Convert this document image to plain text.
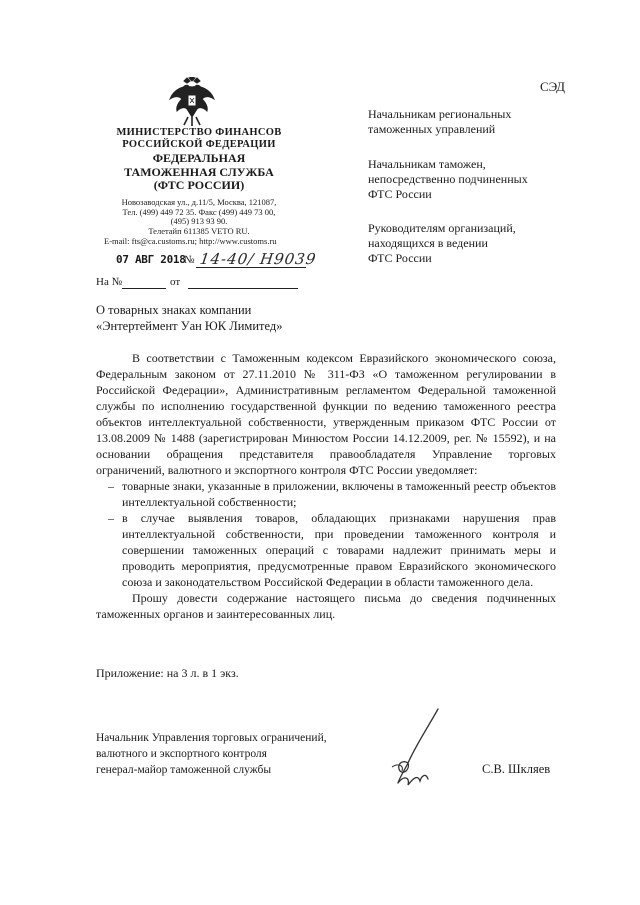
СЭД
МИНИСТЕРСТВО ФИНАНСОВ
РОССИЙСКОЙ ФЕДЕРАЦИИ
ФЕДЕРАЛЬНАЯ
ТАМОЖЕННАЯ СЛУЖБА
(ФТС РОССИИ)
Новозаводская ул., д.11/5, Москва, 121087,
Тел. (499) 449 72 35. Факс (499) 449 73 00,
(495) 913 93 90.
Телетайп 611385 VETO RU.
E-mail: fts@ca.customs.ru; http://www.customs.ru
07 АВГ 2018
№ 14-40/ Н9039
На №	от
Начальникам региональных
таможенных управлений
Начальникам таможен,
непосредственно подчиненных
ФТС России
Руководителям организаций,
находящихся в ведении
ФТС России
О товарных знаках компании
«Энтертеймент Уан ЮК Лимитед»

В соответствии с Таможенным кодексом Евразийского экономического союза, Федеральным законом от 27.11.2010 № 311-ФЗ «О таможенном регулировании в Российской Федерации», Административным регламентом Федеральной таможенной службы по исполнению государственной функции по ведению таможенного реестра объектов интеллектуальной собственности, утвержденным приказом ФТС России от 13.08.2009 № 1488 (зарегистрирован Минюстом России 14.12.2009, рег. № 15592), и на основании обращения представителя правообладателя Управление торговых ограничений, валютного и экспортного контроля ФТС России уведомляет:

– товарные знаки, указанные в приложении, включены в таможенный реестр объектов интеллектуальной собственности;
– в случае выявления товаров, обладающих признаками нарушения прав интеллектуальной собственности, при проведении таможенного контроля и совершении таможенных операций с товарами надлежит принимать меры и проводить мероприятия, предусмотренные правом Евразийского экономического союза и законодательством Российской Федерации в области таможенного дела.

Прошу довести содержание настоящего письма до сведения подчиненных таможенных органов и заинтересованных лиц.

Приложение: на 3 л. в 1 экз.
Начальник Управления торговых ограничений,
валютного и экспортного контроля
генерал-майор таможенной службы	С.В. Шкляев
